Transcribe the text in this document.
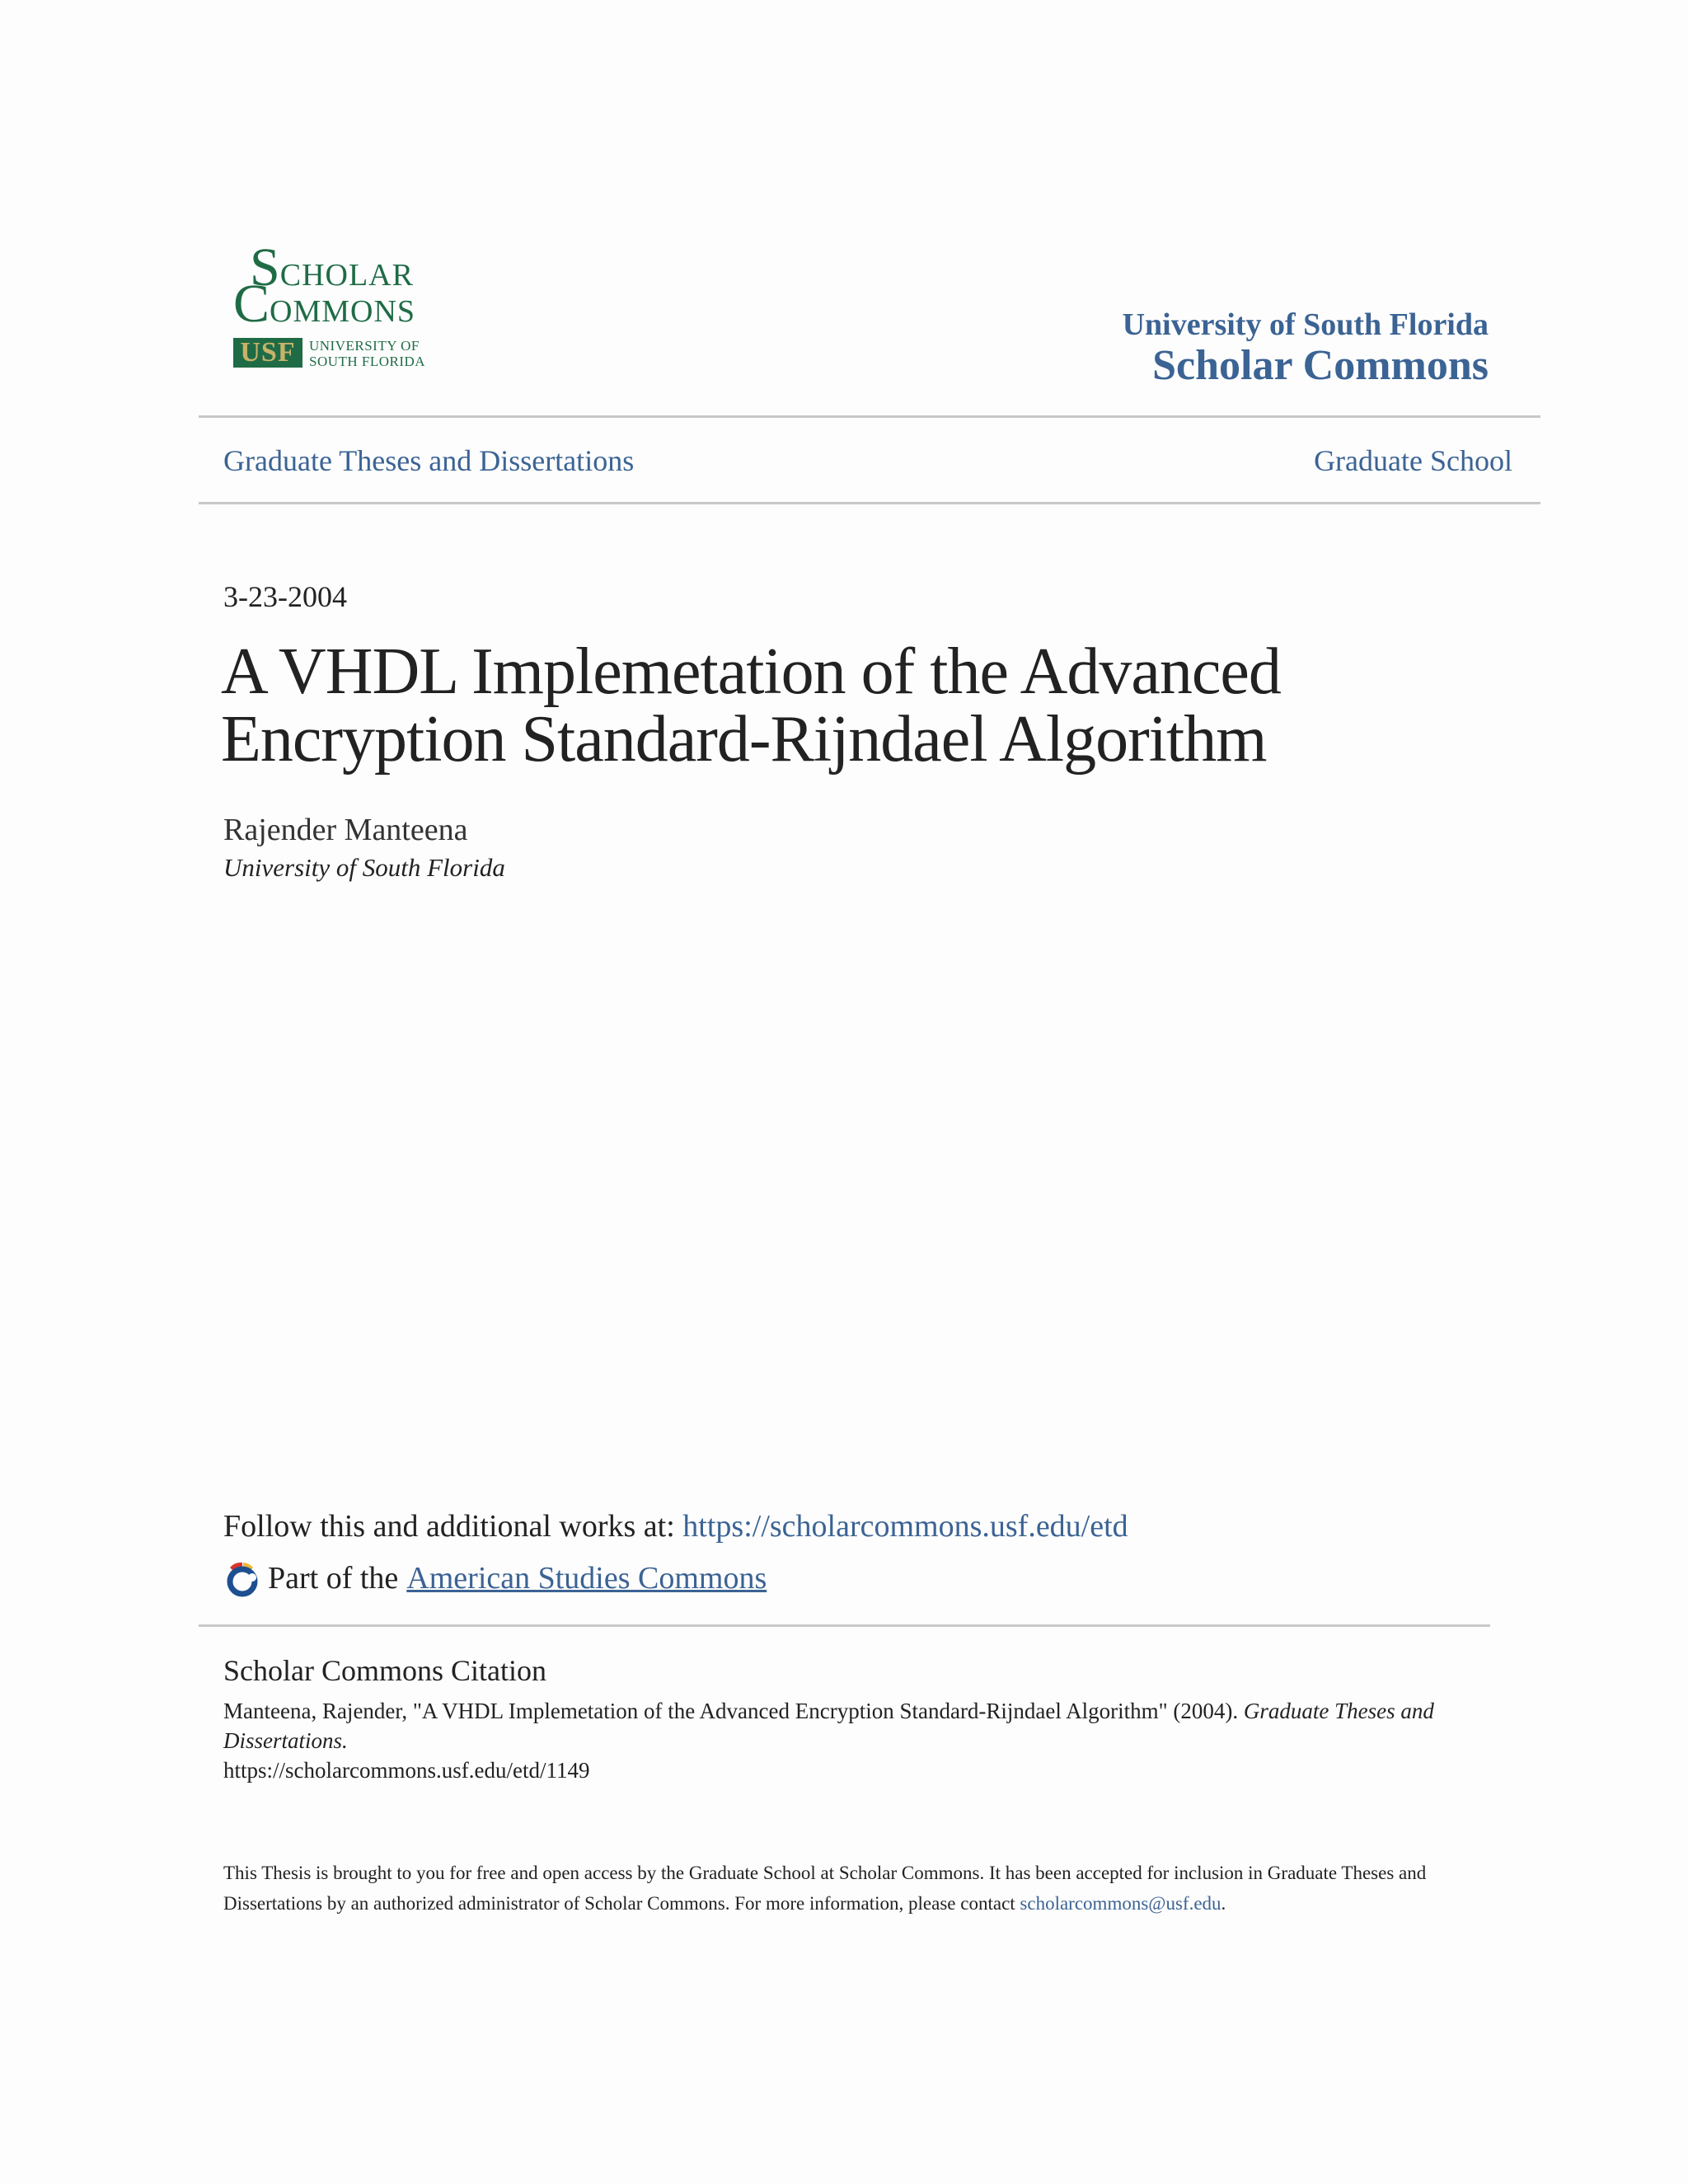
SCHOLAR
COMMONS
USF UNIVERSITY OF
SOUTH FLORIDA
University of South Florida
Scholar Commons
Graduate Theses and Dissertations	Graduate School
3-23-2004
A VHDL Implemetation of the Advanced
Encryption Standard-Rijndael Algorithm
Rajender Manteena
University of South Florida
Follow this and additional works at: https://scholarcommons.usf.edu/etd
Part of the American Studies Commons
Scholar Commons Citation
Manteena, Rajender, "A VHDL Implemetation of the Advanced Encryption Standard-Rijndael Algorithm" (2004). Graduate Theses and Dissertations.
https://scholarcommons.usf.edu/etd/1149
This Thesis is brought to you for free and open access by the Graduate School at Scholar Commons. It has been accepted for inclusion in Graduate Theses and Dissertations by an authorized administrator of Scholar Commons. For more information, please contact scholarcommons@usf.edu.
